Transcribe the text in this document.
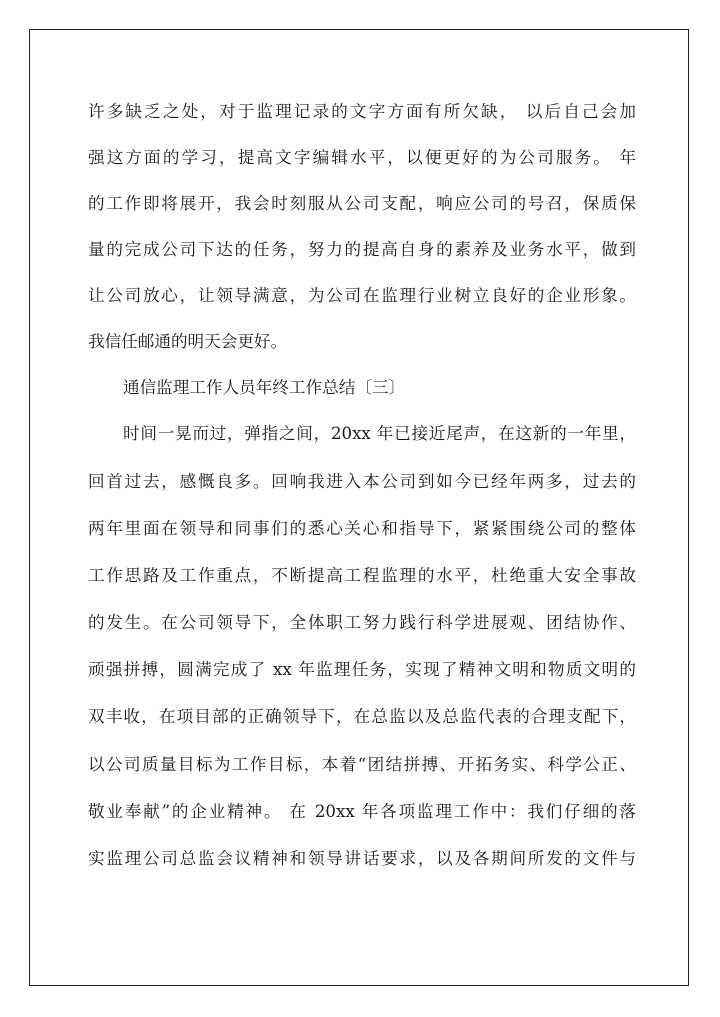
许多缺乏之处，对于监理记录的文字方面有所欠缺， 以后自己会加
强这方面的学习，提高文字编辑水平，以便更好的为公司服务。 年
的工作即将展开，我会时刻服从公司支配，响应公司的号召，保质保
量的完成公司下达的任务，努力的提高自身的素养及业务水平，做到
让公司放心，让领导满意，为公司在监理行业树立良好的企业形象。
我信任邮通的明天会更好。
通信监理工作人员年终工作总结〔三〕
时间一晃而过，弹指之间，20xx 年已接近尾声，在这新的一年里，
回首过去，感慨良多。回响我进入本公司到如今已经年两多，过去的
两年里面在领导和同事们的悉心关心和指导下，紧紧围绕公司的整体
工作思路及工作重点，不断提高工程监理的水平，杜绝重大安全事故
的发生。在公司领导下，全体职工努力践行科学进展观、团结协作、
顽强拼搏，圆满完成了 xx 年监理任务，实现了精神文明和物质文明的
双丰收，在项目部的正确领导下，在总监以及总监代表的合理支配下，
以公司质量目标为工作目标，本着“团结拼搏、开拓务实、科学公正、
敬业奉献”的企业精神。 在 20xx 年各项监理工作中：我们仔细的落
实监理公司总监会议精神和领导讲话要求，以及各期间所发的文件与
